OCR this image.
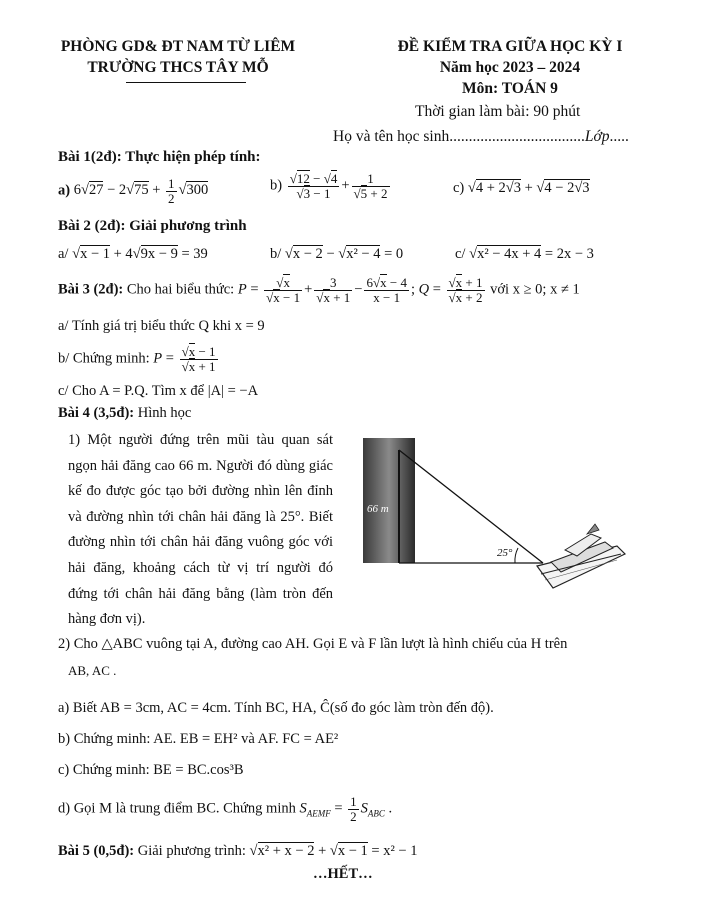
PHÒNG GD& ĐT NAM TỪ LIÊM
TRƯỜNG THCS TÂY MỖ
ĐỀ KIỂM TRA GIỮA HỌC KỲ I
Năm học 2023 – 2024
Môn: TOÁN 9
Thời gian làm bài: 90 phút
Họ và tên học sinh...................................Lớp.....
Bài 1(2đ): Thực hiện phép tính:
a) $6√27 - 2√75 + \frac{1}{2} √300$	$b) \frac{√12 - √4}{√3 - 1} + \frac{1}{√5 + 2}$	c) √4 + 2√3 + √4 − 2√3
Bài 2 (2đ): Giải phương trình
a/ √x − 1 + 4√9x − 9 = 39	b/ √x − 2 − √x² − 4 = 0	c/ √x² − 4x + 4 = 2x − 3
Bài 3 (2đ): Cho hai biểu thức: $P = \frac{√x}{√x - 1} + \frac{3}{√x + 1} - \frac{6√x - 4}{x - 1}$ ; $Q = \frac{√x + 1}{√x + 2}$ với x ≥ 0; x ≠ 1
a/ Tính giá trị biểu thức Q khi x = 9
b/ Chứng minh: $P = \frac{√x - 1}{√x + 1}$
c/ Cho A = P.Q. Tìm x để |A| = −A
Bài 4 (3,5đ): Hình học
1) Một người đứng trên mũi tàu quan sát ngọn hải đăng cao 66 m. Người đó dùng giác kế đo được góc tạo bởi đường nhìn lên đỉnh và đường nhìn tới chân hải đăng là 25°. Biết đường nhìn tới chân hải đăng vuông góc với hải đăng, khoảng cách từ vị trí người đó đứng tới chân hải đăng bằng (làm tròn đến hàng đơn vị).
66 m
25°
2) Cho △ABC vuông tại A, đường cao AH. Gọi E và F lần lượt là hình chiếu của H trên
AB, AC .
a) Biết AB = 3cm, AC = 4cm. Tính BC, HA, Ĉ(số đo góc làm tròn đến độ).
b) Chứng minh: AE. EB = EH² và AF. FC = AE²
c) Chứng minh: BE = BC.cos³B
d) Gọi M là trung điểm BC. Chứng minh $S_{AEMF} = \frac{1}{2} S_{ABC}$ .
Bài 5 (0,5đ): Giải phương trình: √x² + x − 2 + √x − 1 = x² − 1
…HẾT…
